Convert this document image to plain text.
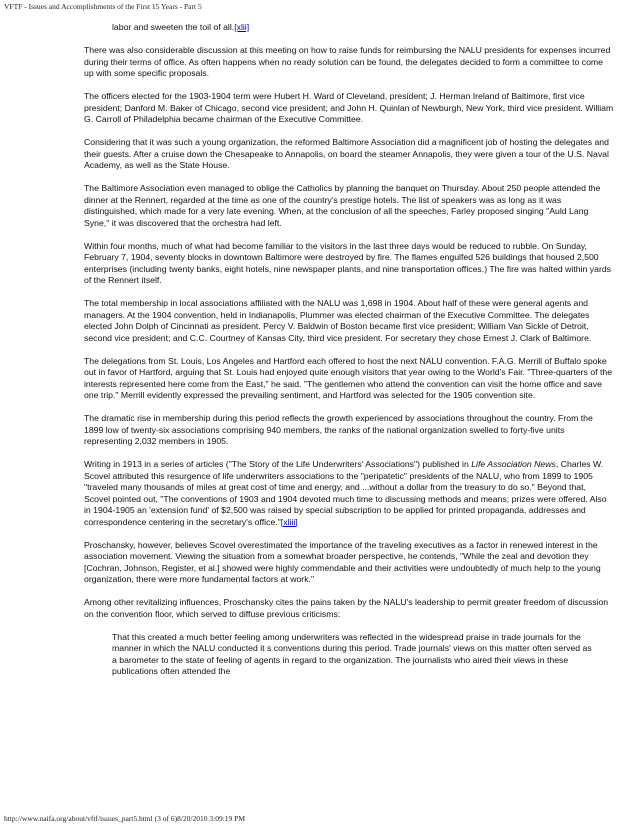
VFTF - Issues and Accomplishments of the First 15 Years - Part 5

labor and sweeten the toil of all.[xlii]

There was also considerable discussion at this meeting on how to raise funds for reimbursing the NALU presidents for expenses incurred during their terms of office. As often happens when no ready solution can be found, the delegates decided to form a committee to come up with some specific proposals.

The officers elected for the 1903-1904 term were Hubert H. Ward of Cleveland, president; J. Herman Ireland of Baltimore, first vice president; Danford M. Baker of Chicago, second vice president; and John H. Quinlan of Newburgh, New York, third vice president. William G. Carroll of Philadelphia became chairman of the Executive Committee.

Considering that it was such a young organization, the reformed Baltimore Association did a magnificent job of hosting the delegates and their guests. After a cruise down the Chesapeake to Annapolis, on board the steamer Annapolis, they were given a tour of the U.S. Naval Academy, as well as the State House.

The Baltimore Association even managed to oblige the Catholics by planning the banquet on Thursday. About 250 people attended the dinner at the Rennert, regarded at the time as one of the country's prestige hotels. The list of speakers was as long as it was distinguished, which made for a very late evening. When, at the conclusion of all the speeches, Farley proposed singing "Auld Lang Syne," it was discovered that the orchestra had left.

Within four months, much of what had become familiar to the visitors in the last three days would be reduced to rubble. On Sunday, February 7, 1904, seventy blocks in downtown Baltimore were destroyed by fire. The flames engulfed 526 buildings that housed 2,500 enterprises (including twenty banks, eight hotels, nine newspaper plants, and nine transportation offices.) The fire was halted within yards of the Rennert itself.

The total membership in local associations affiliated with the NALU was 1,698 in 1904. About half of these were general agents and managers. At the 1904 convention, held in Indianapolis, Plummer was elected chairman of the Executive Committee. The delegates elected John Dolph of Cincinnati as president. Percy V. Baldwin of Boston became first vice president; William Van Sickle of Detroit, second vice president; and C.C. Courtney of Kansas City, third vice president. For secretary they chose Ernest J. Clark of Baltimore.

The delegations from St. Louis, Los Angeles and Hartford each offered to host the next NALU convention. F.A.G. Merrill of Buffalo spoke out in favor of Hartford, arguing that St. Louis had enjoyed quite enough visitors that year owing to the World's Fair. "Three-quarters of the interests represented here come from the East," he said. "The gentlemen who attend the convention can visit the home office and save one trip." Merrill evidently expressed the prevailing sentiment, and Hartford was selected for the 1905 convention site.

The dramatic rise in membership during this period reflects the growth experienced by associations throughout the country. From the 1899 low of twenty-six associations comprising 940 members, the ranks of the national organization swelled to forty-five units representing 2,032 members in 1905.

Writing in 1913 in a series of articles ("The Story of the Life Underwriters' Associations") published in Life Association News, Charles W. Scovel attributed this resurgence of life underwriters associations to the "peripatetic" presidents of the NALU, who from 1899 to 1905 "traveled many thousands of miles at great cost of time and energy, and ...without a dollar from the treasury to do so." Beyond that, Scovel pointed out, "The conventions of 1903 and 1904 devoted much time to discussing methods and means; prizes were offered. Also in 1904-1905 an 'extension fund' of $2,500 was raised by special subscription to be applied for printed propaganda, addresses and correspondence centering in the secretary's office."[xliii]

Proschansky, however, believes Scovel overestimated the importance of the traveling executives as a factor in renewed interest in the association movement. Viewing the situation from a somewhat broader perspective, he contends, "While the zeal and devotion they [Cochran, Johnson, Register, et al.] showed were highly commendable and their activities were undoubtedly of much help to the young organization, there were more fundamental factors at work."

Among other revitalizing influences, Proschansky cites the pains taken by the NALU's leadership to permit greater freedom of discussion on the convention floor, which served to diffuse previous criticisms:

That this created a much better feeling among underwriters was reflected in the widespread praise in trade journals for the manner in which the NALU conducted it s conventions during this period. Trade journals' views on this matter often served as a barometer to the state of feeling of agents in regard to the organization. The journalists who aired their views in these publications often attended the
http://www.naifa.org/about/vftf/issues_part5.html (3 of 6)8/20/2010 3:09:19 PM
